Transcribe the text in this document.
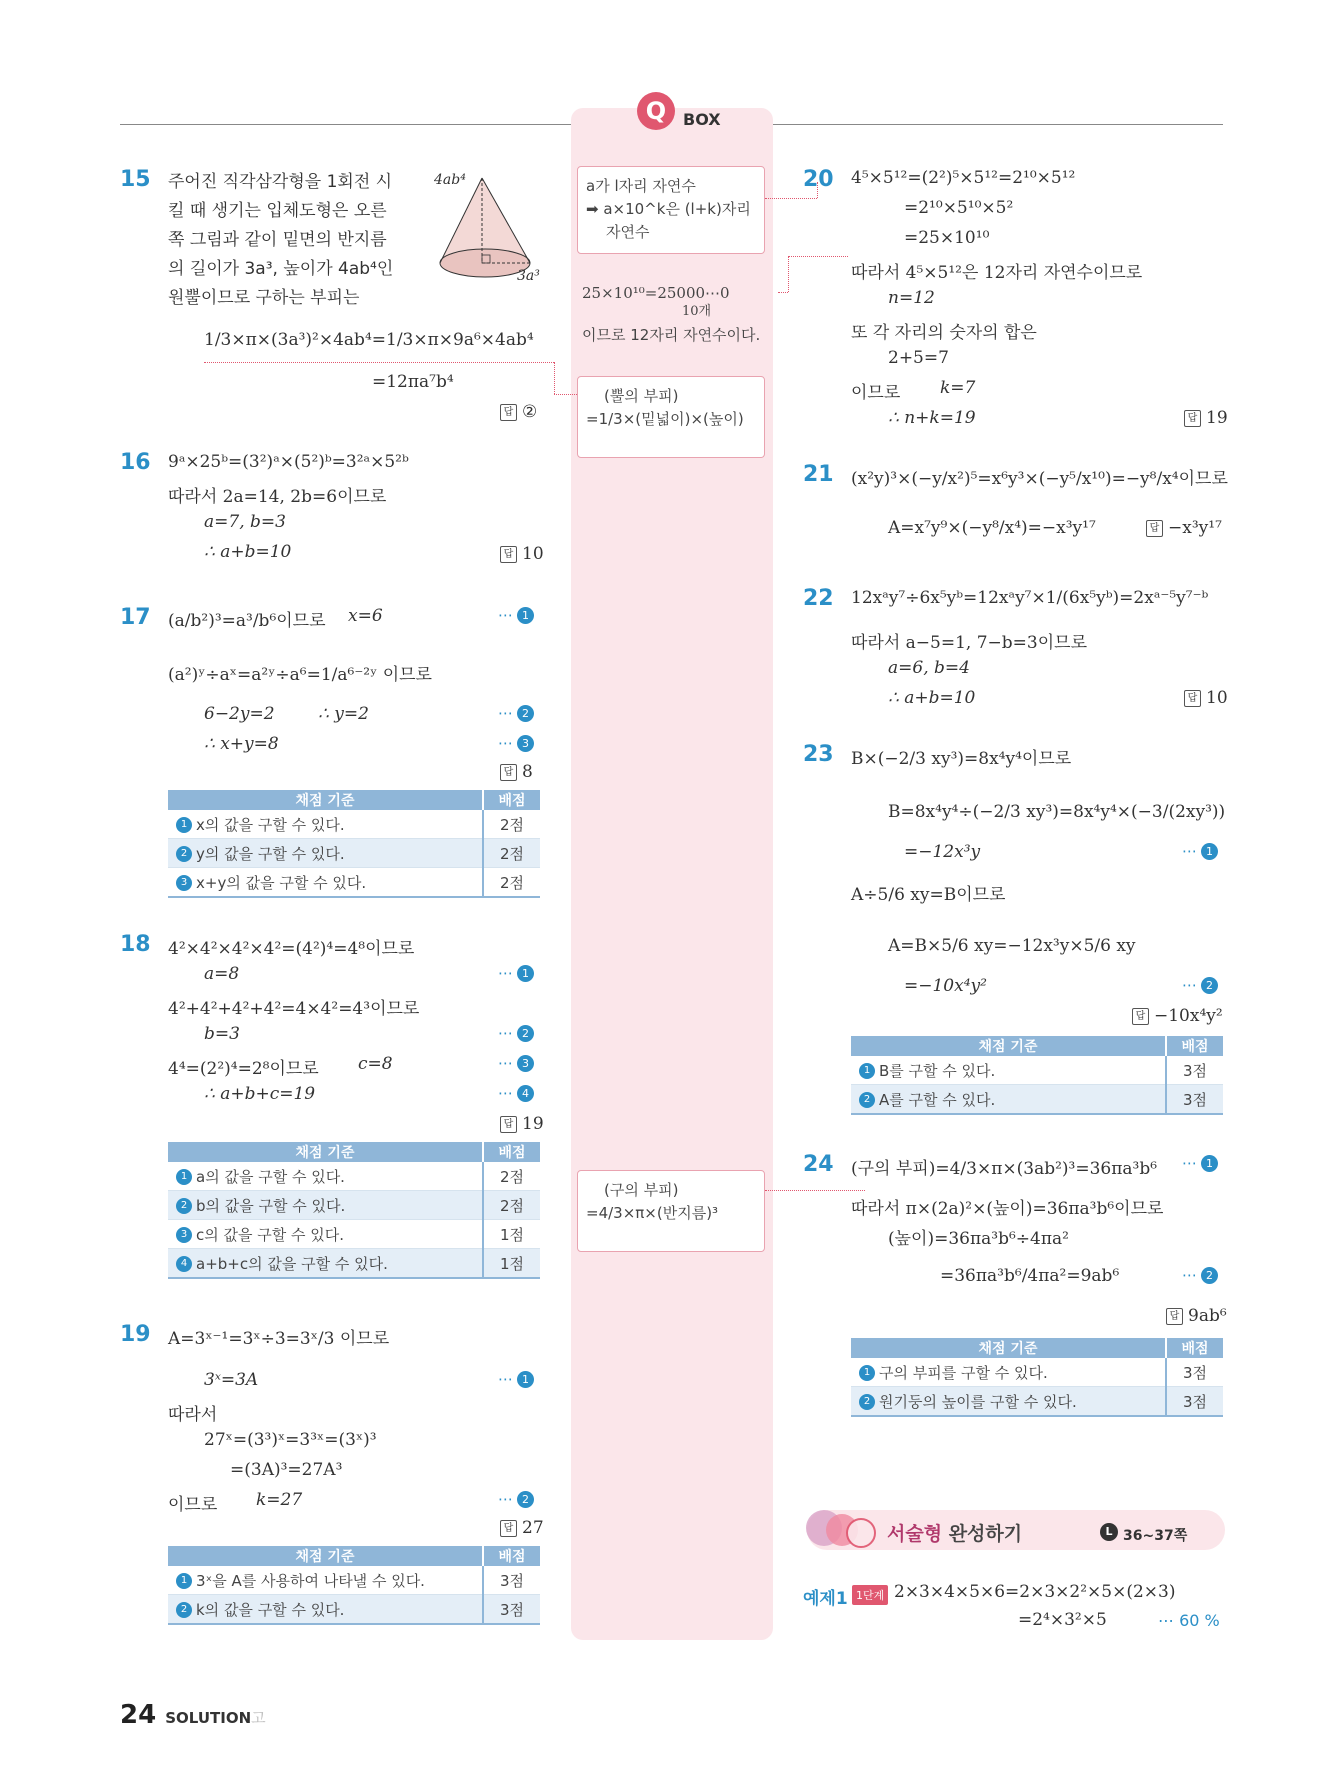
Q	BOX
a가 l자리 자연수
➡ a×10^k은 (l+k)자리
자연수
25×10¹⁰=25000⋯0
10개
이므로 12자리 자연수이다.
(뿔의 부피)
=1/3×(밑넓이)×(높이)
(구의 부피)
=4/3×π×(반지름)³
15 주어진 직각삼각형을 1회전 시
킬 때 생기는 입체도형은 오른
쪽 그림과 같이 밑면의 반지름
의 길이가 3a³, 높이가 4ab⁴인
원뿔이므로 구하는 부피는
4ab⁴
3a³
1/3×π×(3a³)²×4ab⁴=1/3×π×9a⁶×4ab⁴
=12πa⁷b⁴
답 ②
16 9ᵃ×25ᵇ=(3²)ᵃ×(5²)ᵇ=3²ᵃ×5²ᵇ
따라서 2a=14, 2b=6이므로
a=7, b=3
∴ a+b=10	답 10
17 (a/b²)³=a³/b⁶이므로 x=6	⋯ 1
(a²)ʸ÷aˣ=a²ʸ÷a⁶=1/a⁶⁻²ʸ 이므로
6−2y=2	∴ y=2	⋯ 2
∴ x+y=8	⋯ 3
답 8
채점 기준	배점
1 x의 값을 구할 수 있다.	2점
2 y의 값을 구할 수 있다.	2점
3 x+y의 값을 구할 수 있다.	2점
18 4²×4²×4²×4²=(4²)⁴=4⁸이므로
a=8	⋯ 1
4²+4²+4²+4²=4×4²=4³이므로
b=3	⋯ 2
4⁴=(2²)⁴=2⁸이므로 c=8	⋯ 3
∴ a+b+c=19	⋯ 4
답 19
채점 기준	배점
1 a의 값을 구할 수 있다.	2점
2 b의 값을 구할 수 있다.	2점
3 c의 값을 구할 수 있다.	1점
4 a+b+c의 값을 구할 수 있다.	1점
19 A=3ˣ⁻¹=3ˣ÷3=3ˣ/3 이므로
3ˣ=3A	⋯ 1
따라서
27ˣ=(3³)ˣ=3³ˣ=(3ˣ)³
=(3A)³=27A³
이므로 k=27	⋯ 2
답 27
채점 기준	배점
1 3ˣ을 A를 사용하여 나타낼 수 있다.	3점
2 k의 값을 구할 수 있다.	3점
20 4⁵×5¹²=(2²)⁵×5¹²=2¹⁰×5¹²
=2¹⁰×5¹⁰×5²
=25×10¹⁰
따라서 4⁵×5¹²은 12자리 자연수이므로
n=12
또 각 자리의 숫자의 합은
2+5=7
이므로 k=7
∴ n+k=19	답 19
21 (x²y)³×(−y/x²)⁵=x⁶y³×(−y⁵/x¹⁰)=−y⁸/x⁴이므로
A=x⁷y⁹×(−y⁸/x⁴)=−x³y¹⁷	답 −x³y¹⁷
22 12xᵃy⁷÷6x⁵yᵇ=12xᵃy⁷×1/(6x⁵yᵇ)=2xᵃ⁻⁵y⁷⁻ᵇ
따라서 a−5=1, 7−b=3이므로
a=6, b=4
∴ a+b=10	답 10
23 B×(−2/3 xy³)=8x⁴y⁴이므로
B=8x⁴y⁴÷(−2/3 xy³)=8x⁴y⁴×(−3/(2xy³))
=−12x³y	⋯ 1
A÷5/6 xy=B이므로
A=B×5/6 xy=−12x³y×5/6 xy
=−10x⁴y²	⋯ 2
답 −10x⁴y²
채점 기준	배점
1 B를 구할 수 있다.	3점
2 A를 구할 수 있다.	3점
24 (구의 부피)=4/3×π×(3ab²)³=36πa³b⁶ ⋯ 1
따라서 π×(2a)²×(높이)=36πa³b⁶이므로
(높이)=36πa³b⁶÷4πa²
=36πa³b⁶/4πa²=9ab⁶	⋯ 2
답 9ab⁶
채점 기준	배점
1 구의 부피를 구할 수 있다.	3점
2 원기둥의 높이를 구할 수 있다.	3점
서술형 완성하기	L 36~37쪽
예제1 1단계 2×3×4×5×6=2×3×2²×5×(2×3)
=2⁴×3²×5	⋯ 60 %
24 SOLUTION고
